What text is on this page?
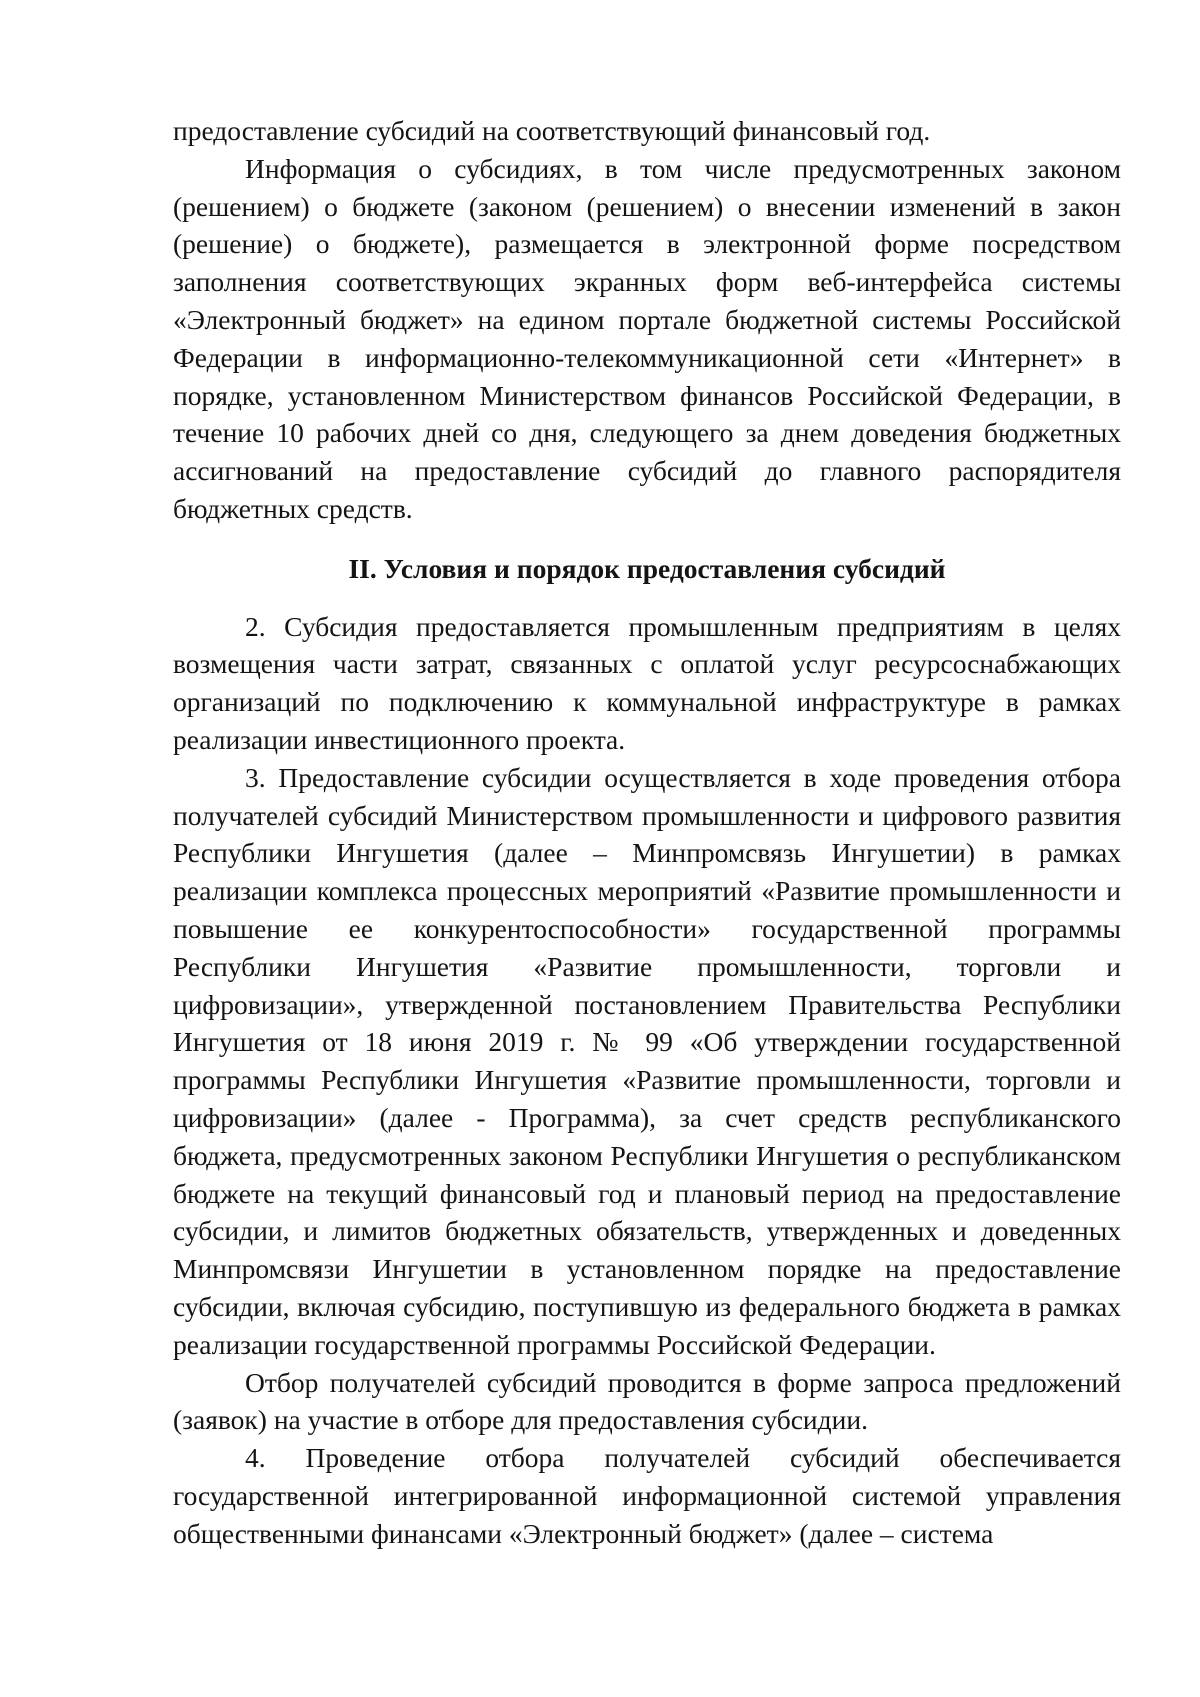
предоставление субсидий на соответствующий финансовый год.

Информация о субсидиях, в том числе предусмотренных законом (решением) о бюджете (законом (решением) о внесении изменений в закон (решение) о бюджете), размещается в электронной форме посредством заполнения соответствующих экранных форм веб-интерфейса системы «Электронный бюджет» на едином портале бюджетной системы Российской Федерации в информационно-телекоммуникационной сети «Интернет» в порядке, установленном Министерством финансов Российской Федерации, в течение 10 рабочих дней со дня, следующего за днем доведения бюджетных ассигнований на предоставление субсидий до главного распорядителя бюджетных средств.

II. Условия и порядок предоставления субсидий

2. Субсидия предоставляется промышленным предприятиям в целях возмещения части затрат, связанных с оплатой услуг ресурсоснабжающих организаций по подключению к коммунальной инфраструктуре в рамках реализации инвестиционного проекта.

3. Предоставление субсидии осуществляется в ходе проведения отбора получателей субсидий Министерством промышленности и цифрового развития Республики Ингушетия (далее – Минпромсвязь Ингушетии) в рамках реализации комплекса процессных мероприятий «Развитие промышленности и повышение ее конкурентоспособности» государственной программы Республики Ингушетия «Развитие промышленности, торговли и цифровизации», утвержденной постановлением Правительства Республики Ингушетия от 18 июня 2019 г. № 99 «Об утверждении государственной программы Республики Ингушетия «Развитие промышленности, торговли и цифровизации» (далее - Программа), за счет средств республиканского бюджета, предусмотренных законом Республики Ингушетия о республиканском бюджете на текущий финансовый год и плановый период на предоставление субсидии, и лимитов бюджетных обязательств, утвержденных и доведенных Минпромсвязи Ингушетии в установленном порядке на предоставление субсидии, включая субсидию, поступившую из федерального бюджета в рамках реализации государственной программы Российской Федерации.

Отбор получателей субсидий проводится в форме запроса предложений (заявок) на участие в отборе для предоставления субсидии.

4. Проведение отбора получателей субсидий обеспечивается государственной интегрированной информационной системой управления общественными финансами «Электронный бюджет» (далее – система
